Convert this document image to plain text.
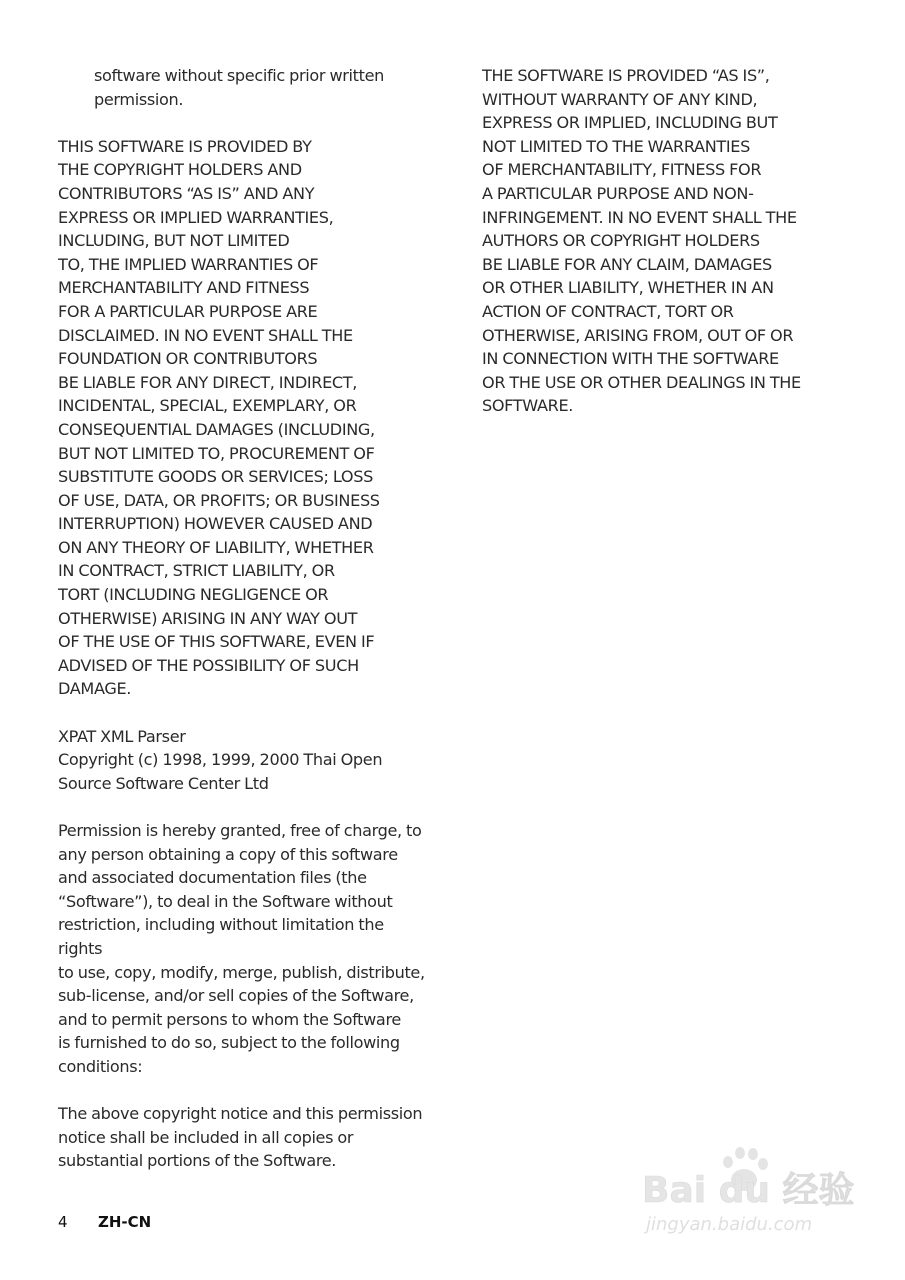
software without specific prior written
permission.

THIS SOFTWARE IS PROVIDED BY
THE COPYRIGHT HOLDERS AND
CONTRIBUTORS “AS IS” AND ANY
EXPRESS OR IMPLIED WARRANTIES,
INCLUDING, BUT NOT LIMITED
TO, THE IMPLIED WARRANTIES OF
MERCHANTABILITY AND FITNESS
FOR A PARTICULAR PURPOSE ARE
DISCLAIMED. IN NO EVENT SHALL THE
FOUNDATION OR CONTRIBUTORS
BE LIABLE FOR ANY DIRECT, INDIRECT,
INCIDENTAL, SPECIAL, EXEMPLARY, OR
CONSEQUENTIAL DAMAGES (INCLUDING,
BUT NOT LIMITED TO, PROCUREMENT OF
SUBSTITUTE GOODS OR SERVICES; LOSS
OF USE, DATA, OR PROFITS; OR BUSINESS
INTERRUPTION) HOWEVER CAUSED AND
ON ANY THEORY OF LIABILITY, WHETHER
IN CONTRACT, STRICT LIABILITY, OR
TORT (INCLUDING NEGLIGENCE OR
OTHERWISE) ARISING IN ANY WAY OUT
OF THE USE OF THIS SOFTWARE, EVEN IF
ADVISED OF THE POSSIBILITY OF SUCH
DAMAGE.

XPAT XML Parser

Copyright (c) 1998, 1999, 2000 Thai Open
Source Software Center Ltd

Permission is hereby granted, free of charge, to
any person obtaining a copy of this software
and associated documentation files (the
“Software”), to deal in the Software without
restriction, including without limitation the rights
to use, copy, modify, merge, publish, distribute,
sub-license, and/or sell copies of the Software,
and to permit persons to whom the Software
is furnished to do so, subject to the following
conditions:

The above copyright notice and this permission
notice shall be included in all copies or
substantial portions of the Software.

THE SOFTWARE IS PROVIDED “AS IS”,
WITHOUT WARRANTY OF ANY KIND,
EXPRESS OR IMPLIED, INCLUDING BUT
NOT LIMITED TO THE WARRANTIES
OF MERCHANTABILITY, FITNESS FOR
A PARTICULAR PURPOSE AND NON-
INFRINGEMENT. IN NO EVENT SHALL THE
AUTHORS OR COPYRIGHT HOLDERS
BE LIABLE FOR ANY CLAIM, DAMAGES
OR OTHER LIABILITY, WHETHER IN AN
ACTION OF CONTRACT, TORT OR
OTHERWISE, ARISING FROM, OUT OF OR
IN CONNECTION WITH THE SOFTWARE
OR THE USE OR OTHER DEALINGS IN THE
SOFTWARE.

4 ZH-CN
Bai du 经验
jingyan.baidu.com
